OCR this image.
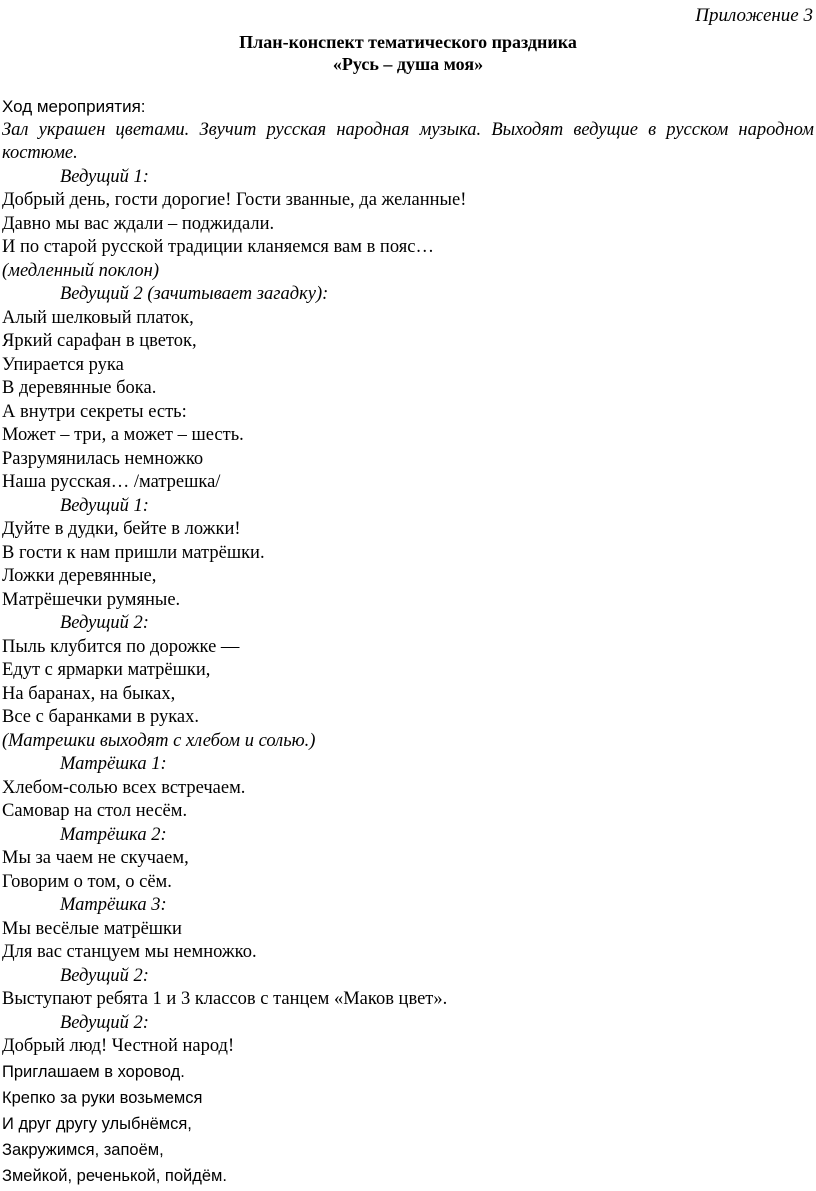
Приложение 3
План-конспект тематического праздника
«Русь – душа моя»
Ход мероприятия:
Зал украшен цветами. Звучит русская народная музыка. Выходят ведущие в русском народном костюме.
Ведущий 1:
Добрый день, гости дорогие! Гости званные, да желанные!
Давно мы вас ждали – поджидали.
И по старой русской традиции кланяемся вам в пояс…
(медленный поклон)
Ведущий 2 (зачитывает загадку):
Алый шелковый платок,
Яркий сарафан в цветок,
Упирается рука
В деревянные бока.
А внутри секреты есть:
Может – три, а может – шесть.
Разрумянилась немножко
Наша русская… /матрешка/
Ведущий 1:
Дуйте в дудки, бейте в ложки!
В гости к нам пришли матрёшки.
Ложки деревянные,
Матрёшечки румяные.
Ведущий 2:
Пыль клубится по дорожке —
Едут с ярмарки матрёшки,
На баранах, на быках,
Все с баранками в руках.
(Матрешки выходят с хлебом и солью.)
Матрёшка 1:
Хлебом-солью всех встречаем.
Самовар на стол несём.
Матрёшка 2:
Мы за чаем не скучаем,
Говорим о том, о сём.
Матрёшка 3:
Мы весёлые матрёшки
Для вас станцуем мы немножко.
Ведущий 2:
Выступают ребята 1 и 3 классов с танцем «Маков цвет».
Ведущий 2:
Добрый люд! Честной народ!
Приглашаем в хоровод.
Крепко за руки возьмемся
И друг другу улыбнёмся,
Закружимся, запоём,
Змейкой, реченькой, пойдём.
